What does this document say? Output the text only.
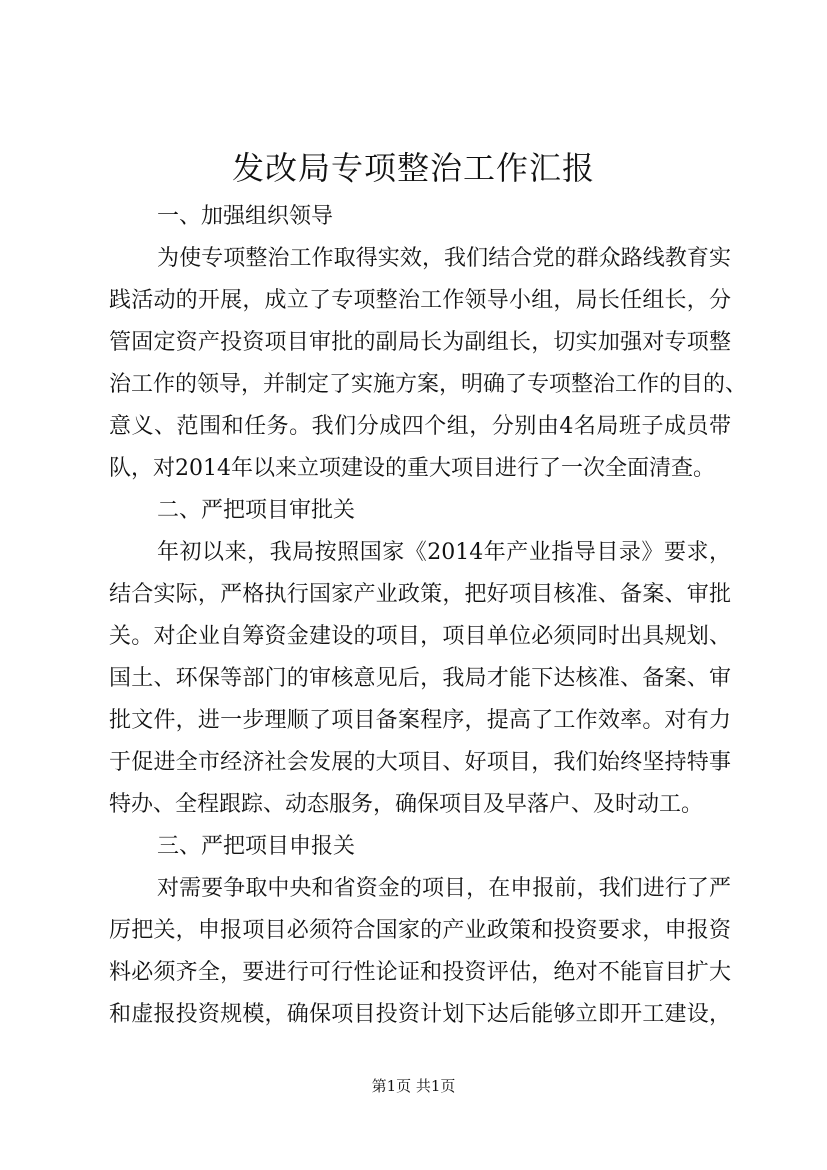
发改局专项整治工作汇报
一、加强组织领导
为使专项整治工作取得实效，我们结合党的群众路线教育实
践活动的开展，成立了专项整治工作领导小组，局长任组长，分
管固定资产投资项目审批的副局长为副组长，切实加强对专项整
治工作的领导，并制定了实施方案，明确了专项整治工作的目的、
意义、范围和任务。我们分成四个组，分别由4名局班子成员带
队，对2014年以来立项建设的重大项目进行了一次全面清查。
二、严把项目审批关
年初以来，我局按照国家《2014年产业指导目录》要求，
结合实际，严格执行国家产业政策，把好项目核准、备案、审批
关。对企业自筹资金建设的项目，项目单位必须同时出具规划、
国土、环保等部门的审核意见后，我局才能下达核准、备案、审
批文件，进一步理顺了项目备案程序，提高了工作效率。对有力
于促进全市经济社会发展的大项目、好项目，我们始终坚持特事
特办、全程跟踪、动态服务，确保项目及早落户、及时动工。
三、严把项目申报关
对需要争取中央和省资金的项目，在申报前，我们进行了严
厉把关，申报项目必须符合国家的产业政策和投资要求，申报资
料必须齐全，要进行可行性论证和投资评估，绝对不能盲目扩大
和虚报投资规模，确保项目投资计划下达后能够立即开工建设，
第1页 共1页
